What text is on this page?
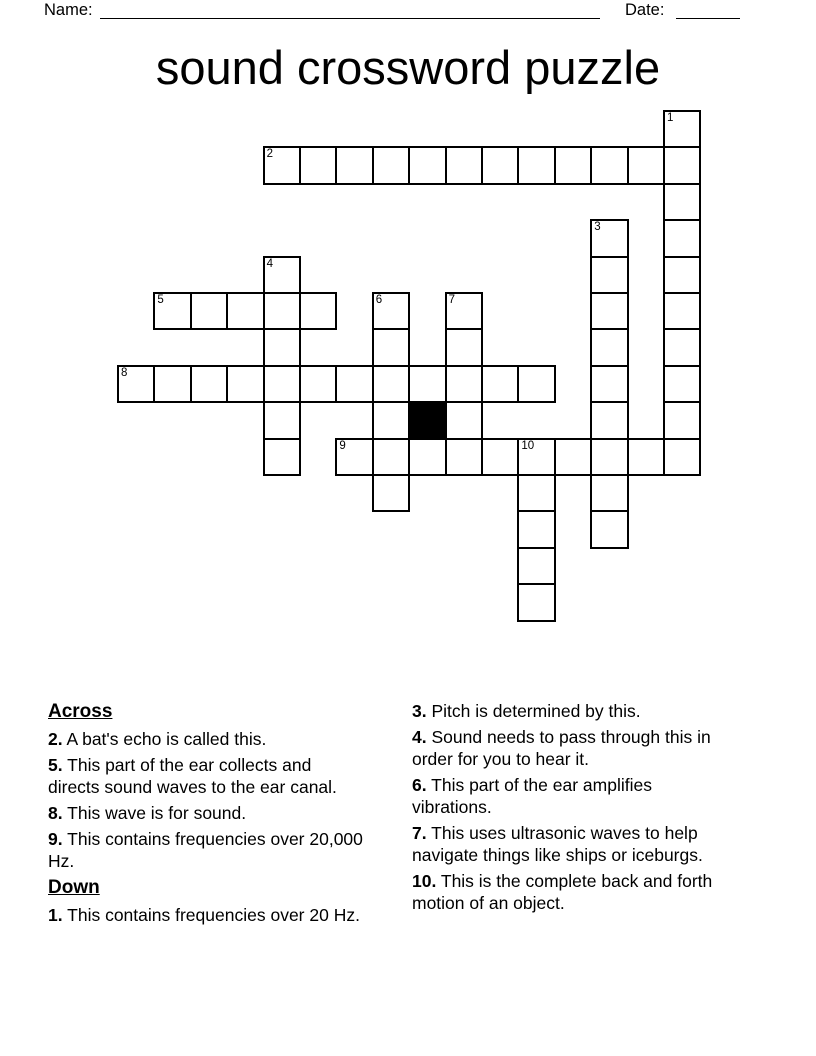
Name:	Date:
sound crossword puzzle
1
2
3
4
5	6	7
8
9	10
Across

2. A bat's echo is called this.

5. This part of the ear collects and directs sound waves to the ear canal.

8. This wave is for sound.

9. This contains frequencies over 20,000 Hz.

Down

1. This contains frequencies over 20 Hz.

3. Pitch is determined by this.

4. Sound needs to pass through this in order for you to hear it.

6. This part of the ear amplifies vibrations.

7. This uses ultrasonic waves to help navigate things like ships or iceburgs.

10. This is the complete back and forth motion of an object.
